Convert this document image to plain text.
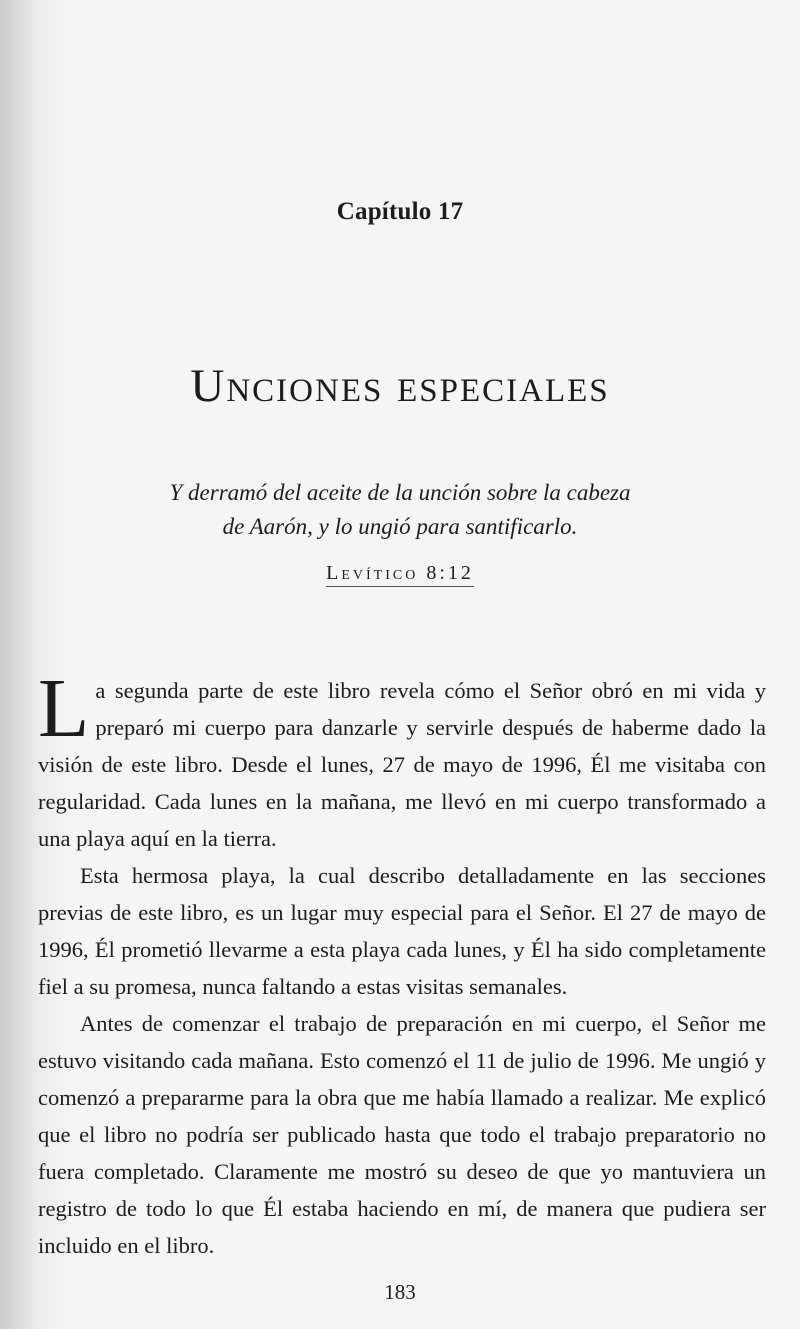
Capítulo 17
Unciones especiales
Y derramó del aceite de la unción sobre la cabeza
de Aarón, y lo ungió para santificarlo.
Levítico 8:12

La segunda parte de este libro revela cómo el Señor obró en mi vida y preparó mi cuerpo para danzarle y servirle después de haberme dado la visión de este libro. Desde el lunes, 27 de mayo de 1996, Él me visitaba con regularidad. Cada lunes en la mañana, me llevó en mi cuerpo transformado a una playa aquí en la tierra.

Esta hermosa playa, la cual describo detalladamente en las secciones previas de este libro, es un lugar muy especial para el Señor. El 27 de mayo de 1996, Él prometió llevarme a esta playa cada lunes, y Él ha sido completamente fiel a su promesa, nunca faltando a estas visitas semanales.

Antes de comenzar el trabajo de preparación en mi cuerpo, el Señor me estuvo visitando cada mañana. Esto comenzó el 11 de julio de 1996. Me ungió y comenzó a prepararme para la obra que me había llamado a realizar. Me explicó que el libro no podría ser publicado hasta que todo el trabajo preparatorio no fuera completado. Claramente me mostró su deseo de que yo mantuviera un registro de todo lo que Él estaba haciendo en mí, de manera que pudiera ser incluido en el libro.

183
